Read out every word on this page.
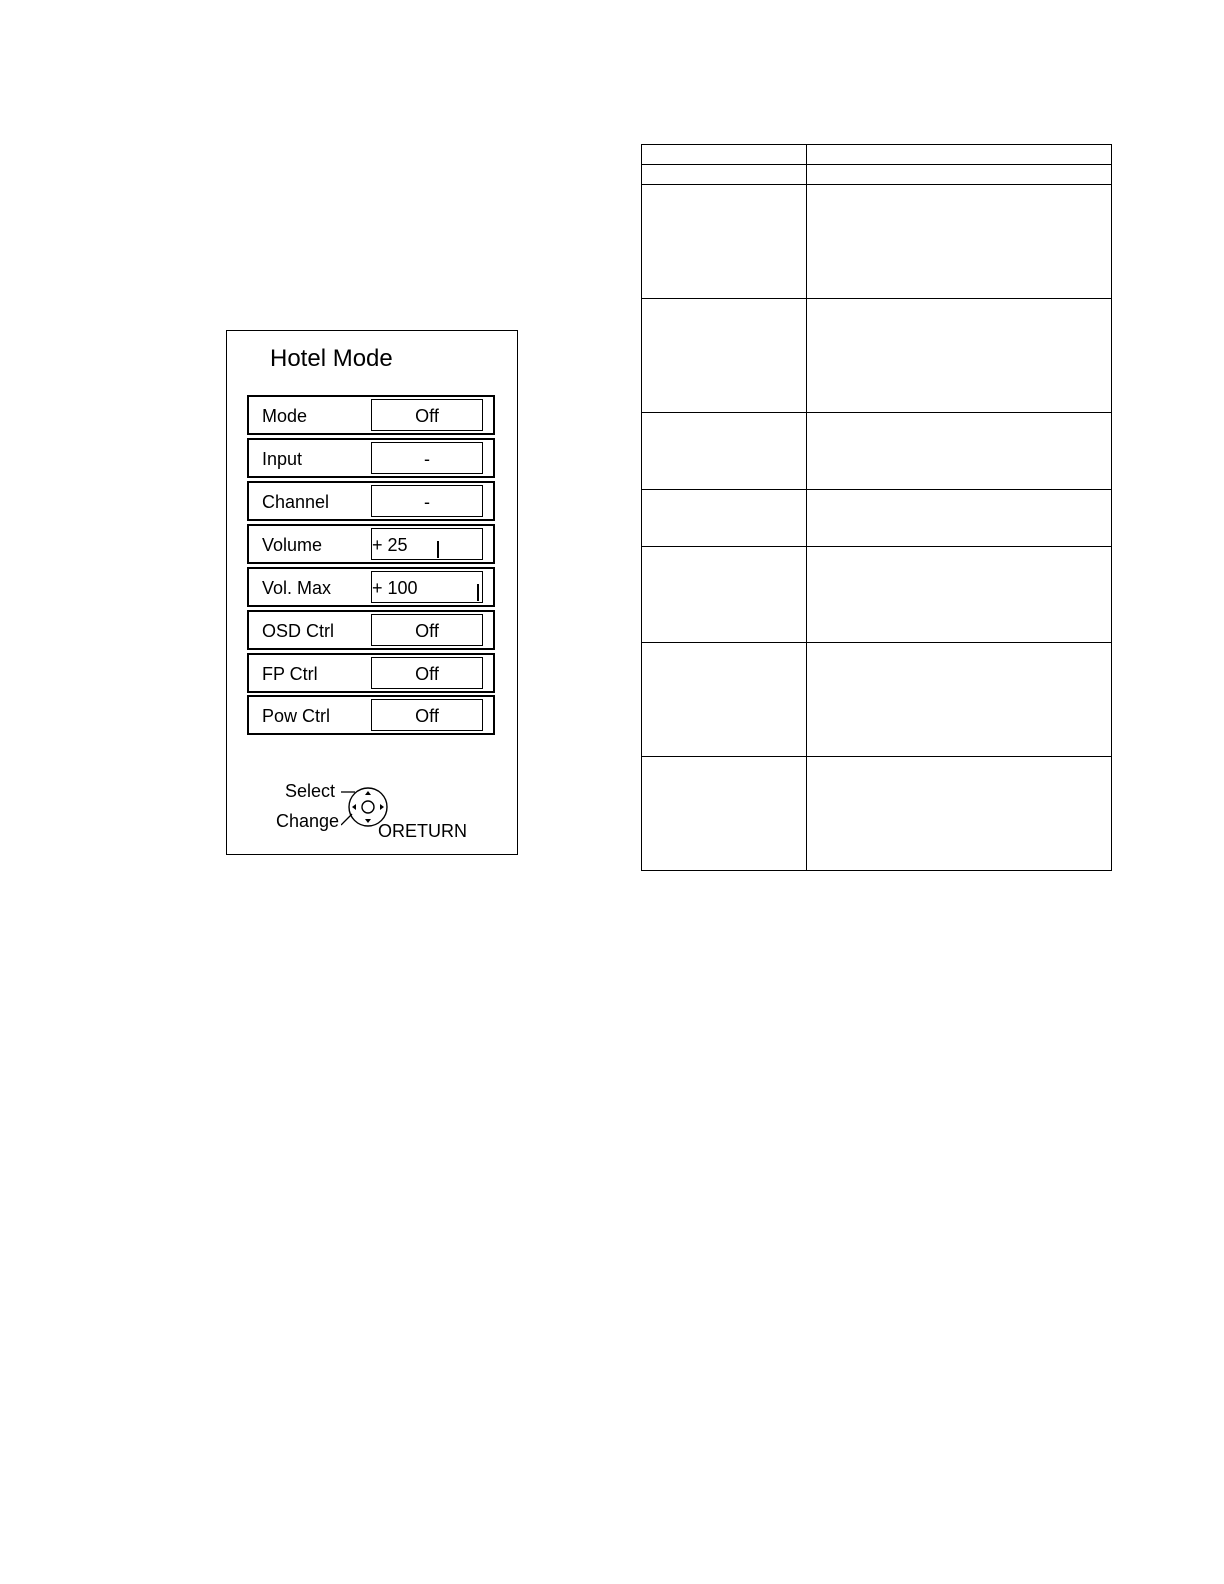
Hotel Mode
Mode	Off
Input	-
Channel	-
Volume	+ 25
Vol. Max + 100
OSD Ctrl	Off
FP Ctrl	Off
Pow Ctrl	Off
Select
Change ORETURN
